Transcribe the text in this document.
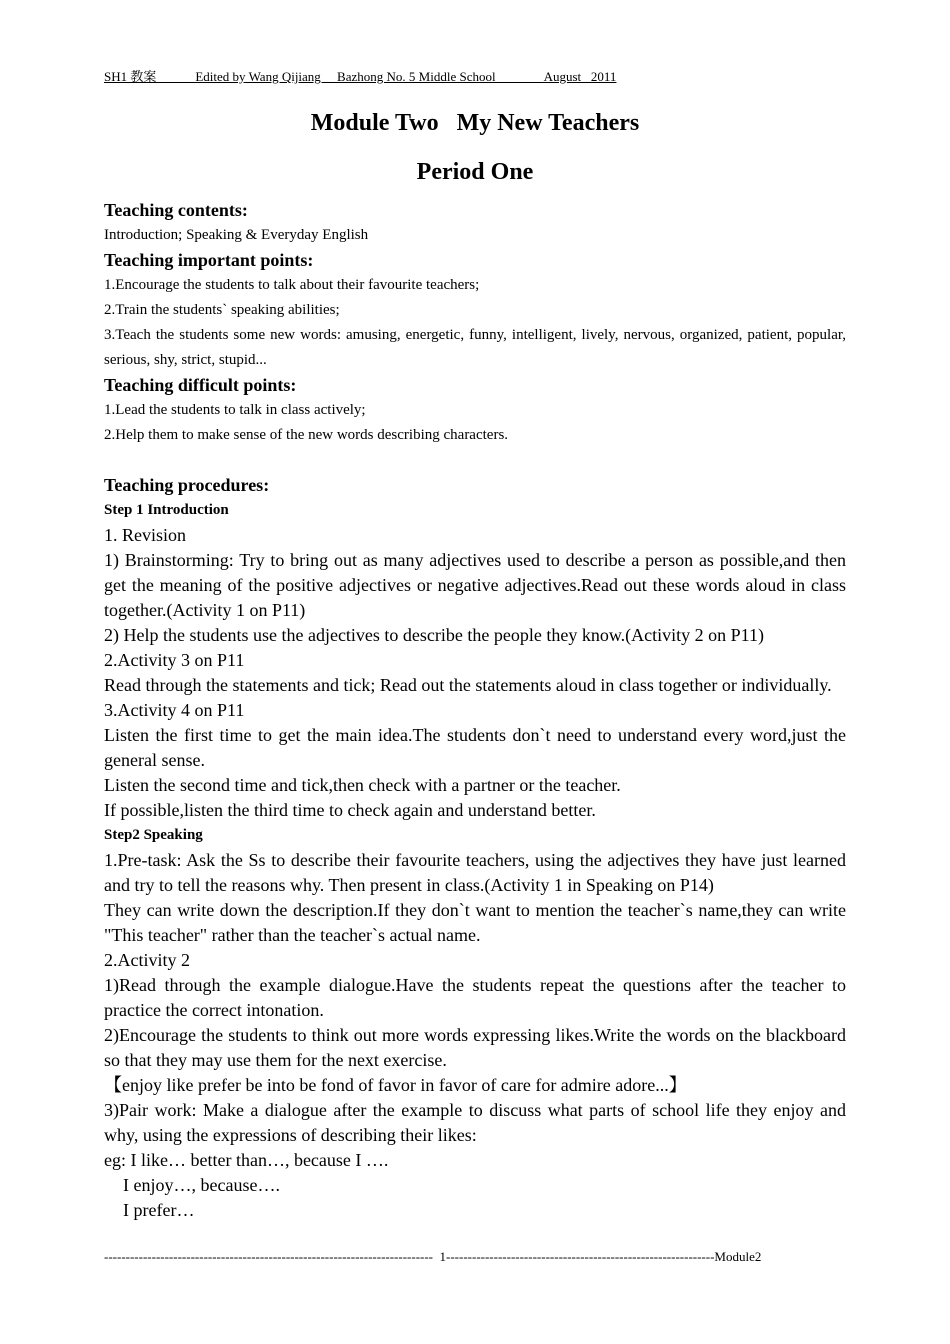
SH1 教案            Edited by Wang Qijiang     Bazhong No. 5 Middle School               August   2011
Module Two   My New Teachers
Period One

Teaching contents:

Introduction; Speaking & Everyday English

Teaching important points:

1.Encourage the students to talk about their favourite teachers;

2.Train the students` speaking abilities;

3.Teach the students some new words: amusing, energetic, funny, intelligent, lively, nervous, organized, patient, popular, serious, shy, strict, stupid...

Teaching difficult points:

1.Lead the students to talk in class actively;

2.Help them to make sense of the new words describing characters.

Teaching procedures:

Step 1 Introduction

1. Revision

1) Brainstorming: Try to bring out as many adjectives used to describe a person as possible,and then get the meaning of the positive adjectives or negative adjectives.Read out these words aloud in class together.(Activity 1 on P11)

2) Help the students use the adjectives to describe the people they know.(Activity 2 on P11)

2.Activity 3 on P11

Read through the statements and tick; Read out the statements aloud in class together or individually.

3.Activity 4 on P11

Listen the first time to get the main idea.The students don`t need to understand every word,just the general sense.

Listen the second time and tick,then check with a partner or the teacher.

If possible,listen the third time to check again and understand better.

Step2 Speaking

1.Pre-task: Ask the Ss to describe their favourite teachers, using the adjectives they have just learned and try to tell the reasons why. Then present in class.(Activity 1 in Speaking on P14)

They can write down the description.If they don`t want to mention the teacher`s name,they can write "This teacher" rather than the teacher`s actual name.

2.Activity 2

1)Read through the example dialogue.Have the students repeat the questions after the teacher to practice the correct intonation.

2)Encourage the students to think out more words expressing likes.Write the words on the blackboard so that they may use them for the next exercise.

【enjoy like prefer be into be fond of favor in favor of care for admire adore...】

3)Pair work: Make a dialogue after the example to discuss what parts of school life they enjoy and why, using the expressions of describing their likes:

eg: I like… better than…, because I ….

I enjoy…, because….

I prefer…

----------------------------------------------------------------------------  1--------------------------------------------------------------Module2
